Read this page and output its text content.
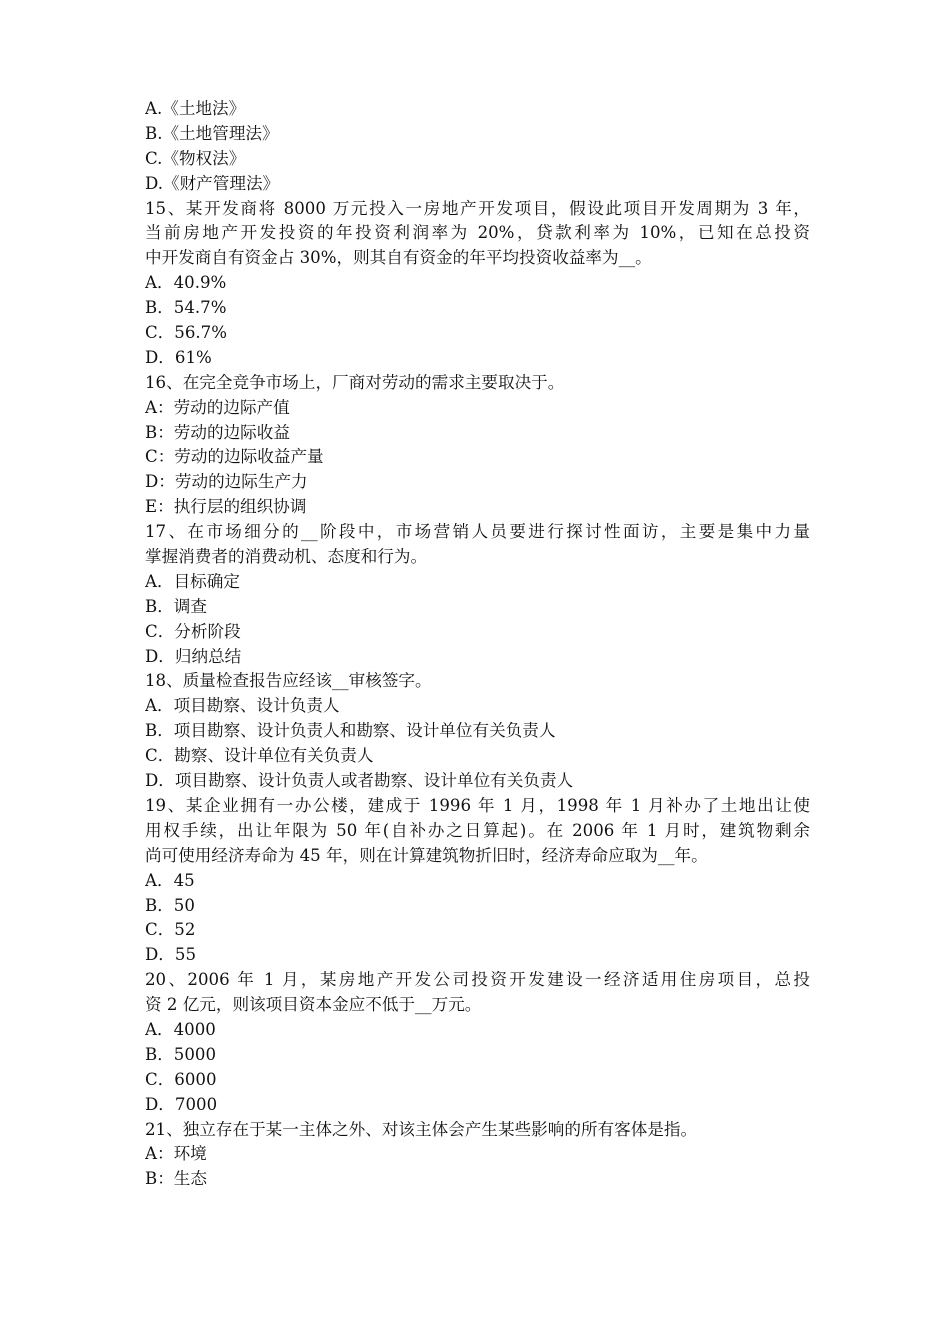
A.《土地法》
B.《土地管理法》
C.《物权法》
D.《财产管理法》
15、某开发商将 8000 万元投入一房地产开发项目，假设此项目开发周期为 3 年，
当前房地产开发投资的年投资利润率为 20%，贷款利率为 10%，已知在总投资
中开发商自有资金占 30%，则其自有资金的年平均投资收益率为__。
A．40.9%
B．54.7%
C．56.7%
D．61%
16、在完全竞争市场上，厂商对劳动的需求主要取决于。
A：劳动的边际产值
B：劳动的边际收益
C：劳动的边际收益产量
D：劳动的边际生产力
E：执行层的组织协调
17、在市场细分的__阶段中，市场营销人员要进行探讨性面访，主要是集中力量
掌握消费者的消费动机、态度和行为。
A．目标确定
B．调查
C．分析阶段
D．归纳总结
18、质量检查报告应经该__审核签字。
A．项目勘察、设计负责人
B．项目勘察、设计负责人和勘察、设计单位有关负责人
C．勘察、设计单位有关负责人
D．项目勘察、设计负责人或者勘察、设计单位有关负责人
19、某企业拥有一办公楼，建成于 1996 年 1 月，1998 年 1 月补办了土地出让使
用权手续，出让年限为 50 年(自补办之日算起)。在 2006 年 1 月时，建筑物剩余
尚可使用经济寿命为 45 年，则在计算建筑物折旧时，经济寿命应取为__年。
A．45
B．50
C．52
D．55
20、2006 年 1 月，某房地产开发公司投资开发建设一经济适用住房项目，总投
资 2 亿元，则该项目资本金应不低于__万元。
A．4000
B．5000
C．6000
D．7000
21、独立存在于某一主体之外、对该主体会产生某些影响的所有客体是指。
A：环境
B：生态
